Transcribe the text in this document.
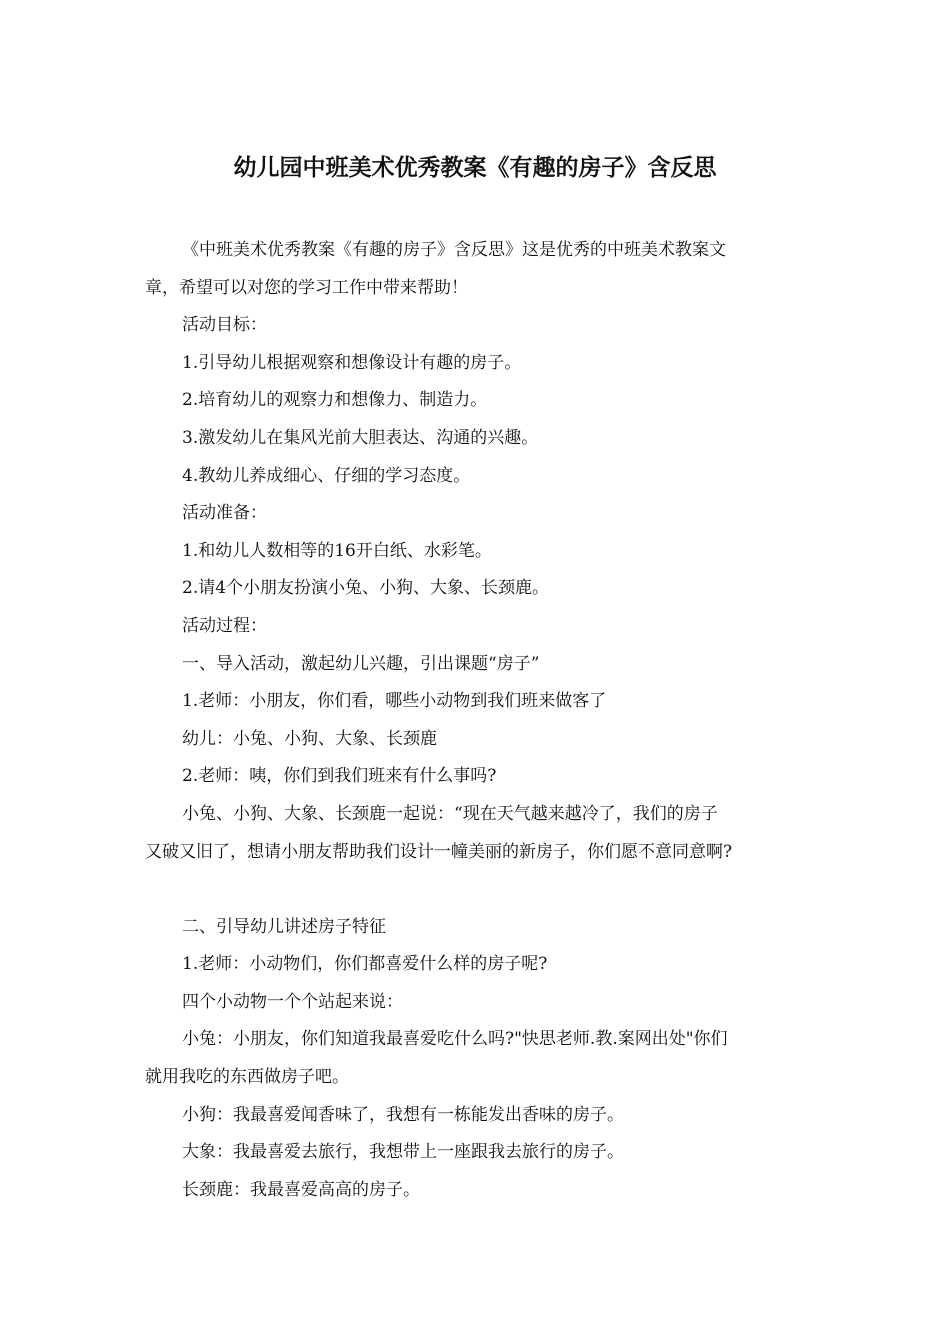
幼儿园中班美术优秀教案《有趣的房子》含反思

《中班美术优秀教案《有趣的房子》含反思》这是优秀的中班美术教案文

章，希望可以对您的学习工作中带来帮助！

活动目标：

1.引导幼儿根据观察和想像设计有趣的房子。

2.培育幼儿的观察力和想像力、制造力。

3.激发幼儿在集风光前大胆表达、沟通的兴趣。

4.教幼儿养成细心、仔细的学习态度。

活动准备：

1.和幼儿人数相等的16开白纸、水彩笔。

2.请4个小朋友扮演小兔、小狗、大象、长颈鹿。

活动过程：

一、导入活动，激起幼儿兴趣，引出课题“房子”

1.老师：小朋友，你们看，哪些小动物到我们班来做客了

幼儿：小兔、小狗、大象、长颈鹿

2.老师：咦，你们到我们班来有什么事吗?

小兔、小狗、大象、长颈鹿一起说：“现在天气越来越冷了，我们的房子

又破又旧了，想请小朋友帮助我们设计一幢美丽的新房子，你们愿不意同意啊?

二、引导幼儿讲述房子特征

1.老师：小动物们，你们都喜爱什么样的房子呢?

四个小动物一个个站起来说：

小兔：小朋友，你们知道我最喜爱吃什么吗?"快思老师.教.案网出处"你们

就用我吃的东西做房子吧。

小狗：我最喜爱闻香味了，我想有一栋能发出香味的房子。

大象：我最喜爱去旅行，我想带上一座跟我去旅行的房子。

长颈鹿：我最喜爱高高的房子。
